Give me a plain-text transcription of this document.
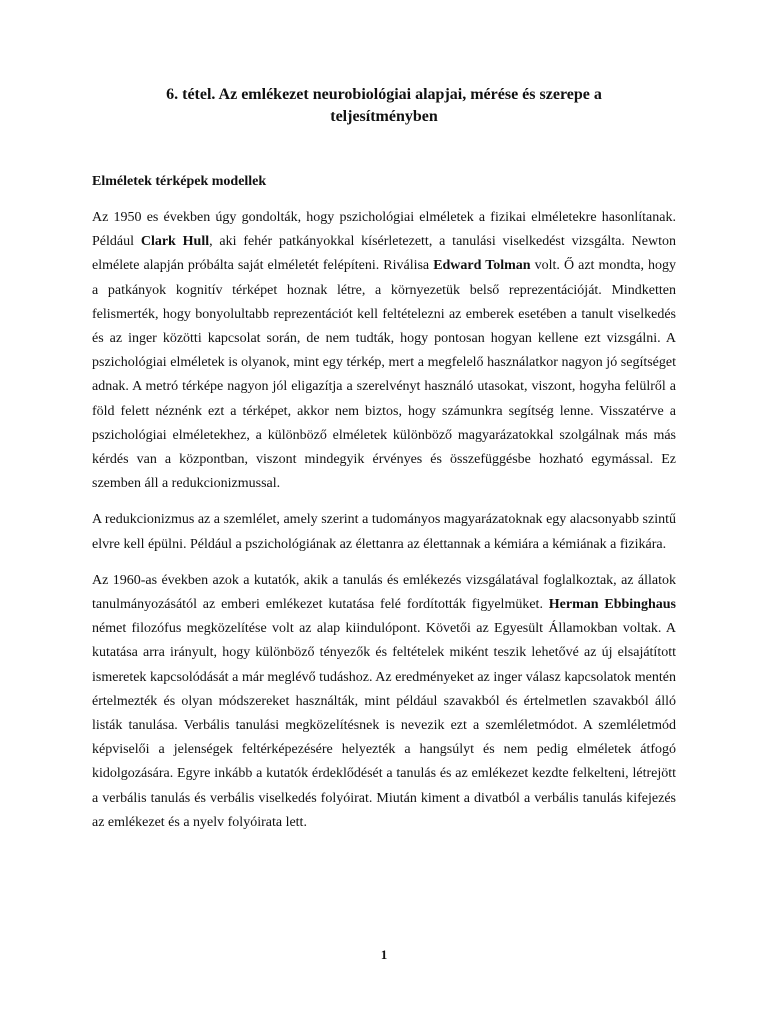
6. tétel. Az emlékezet neurobiológiai alapjai, mérése és szerepe a
teljesítményben
Elméletek térképek modellek

Az 1950 es években úgy gondolták, hogy pszichológiai elméletek a fizikai elméletekre hasonlítanak. Például Clark Hull, aki fehér patkányokkal kísérletezett, a tanulási viselkedést vizsgálta. Newton elmélete alapján próbálta saját elméletét felépíteni. Riválisa Edward Tolman volt. Ő azt mondta, hogy a patkányok kognitív térképet hoznak létre, a környezetük belső reprezentációját. Mindketten felismerték, hogy bonyolultabb reprezentációt kell feltételezni az emberek esetében a tanult viselkedés és az inger közötti kapcsolat során, de nem tudták, hogy pontosan hogyan kellene ezt vizsgálni. A pszichológiai elméletek is olyanok, mint egy térkép, mert a megfelelő használatkor nagyon jó segítséget adnak. A metró térképe nagyon jól eligazítja a szerelvényt használó utasokat, viszont, hogyha felülről a föld felett néznénk ezt a térképet, akkor nem biztos, hogy számunkra segítség lenne. Visszatérve a pszichológiai elméletekhez, a különböző elméletek különböző magyarázatokkal szolgálnak más más kérdés van a központban, viszont mindegyik érvényes és összefüggésbe hozható egymással. Ez szemben áll a redukcionizmussal.

A redukcionizmus az a szemlélet, amely szerint a tudományos magyarázatoknak egy alacsonyabb szintű elvre kell épülni. Például a pszichológiának az élettanra az élettannak a kémiára a kémiának a fizikára.

Az 1960-as években azok a kutatók, akik a tanulás és emlékezés vizsgálatával foglalkoztak, az állatok tanulmányozásától az emberi emlékezet kutatása felé fordították figyelmüket. Herman Ebbinghaus német filozófus megközelítése volt az alap kiindulópont. Követői az Egyesült Államokban voltak. A kutatása arra irányult, hogy különböző tényezők és feltételek miként teszik lehetővé az új elsajátított ismeretek kapcsolódását a már meglévő tudáshoz. Az eredményeket az inger válasz kapcsolatok mentén értelmezték és olyan módszereket használták, mint például szavakból és értelmetlen szavakból álló listák tanulása. Verbális tanulási megközelítésnek is nevezik ezt a szemléletmódot. A szemléletmód képviselői a jelenségek feltérképezésére helyezték a hangsúlyt és nem pedig elméletek átfogó kidolgozására. Egyre inkább a kutatók érdeklődését a tanulás és az emlékezet kezdte felkelteni, létrejött a verbális tanulás és verbális viselkedés folyóirat. Miután kiment a divatból a verbális tanulás kifejezés az emlékezet és a nyelv folyóirata lett.

1
